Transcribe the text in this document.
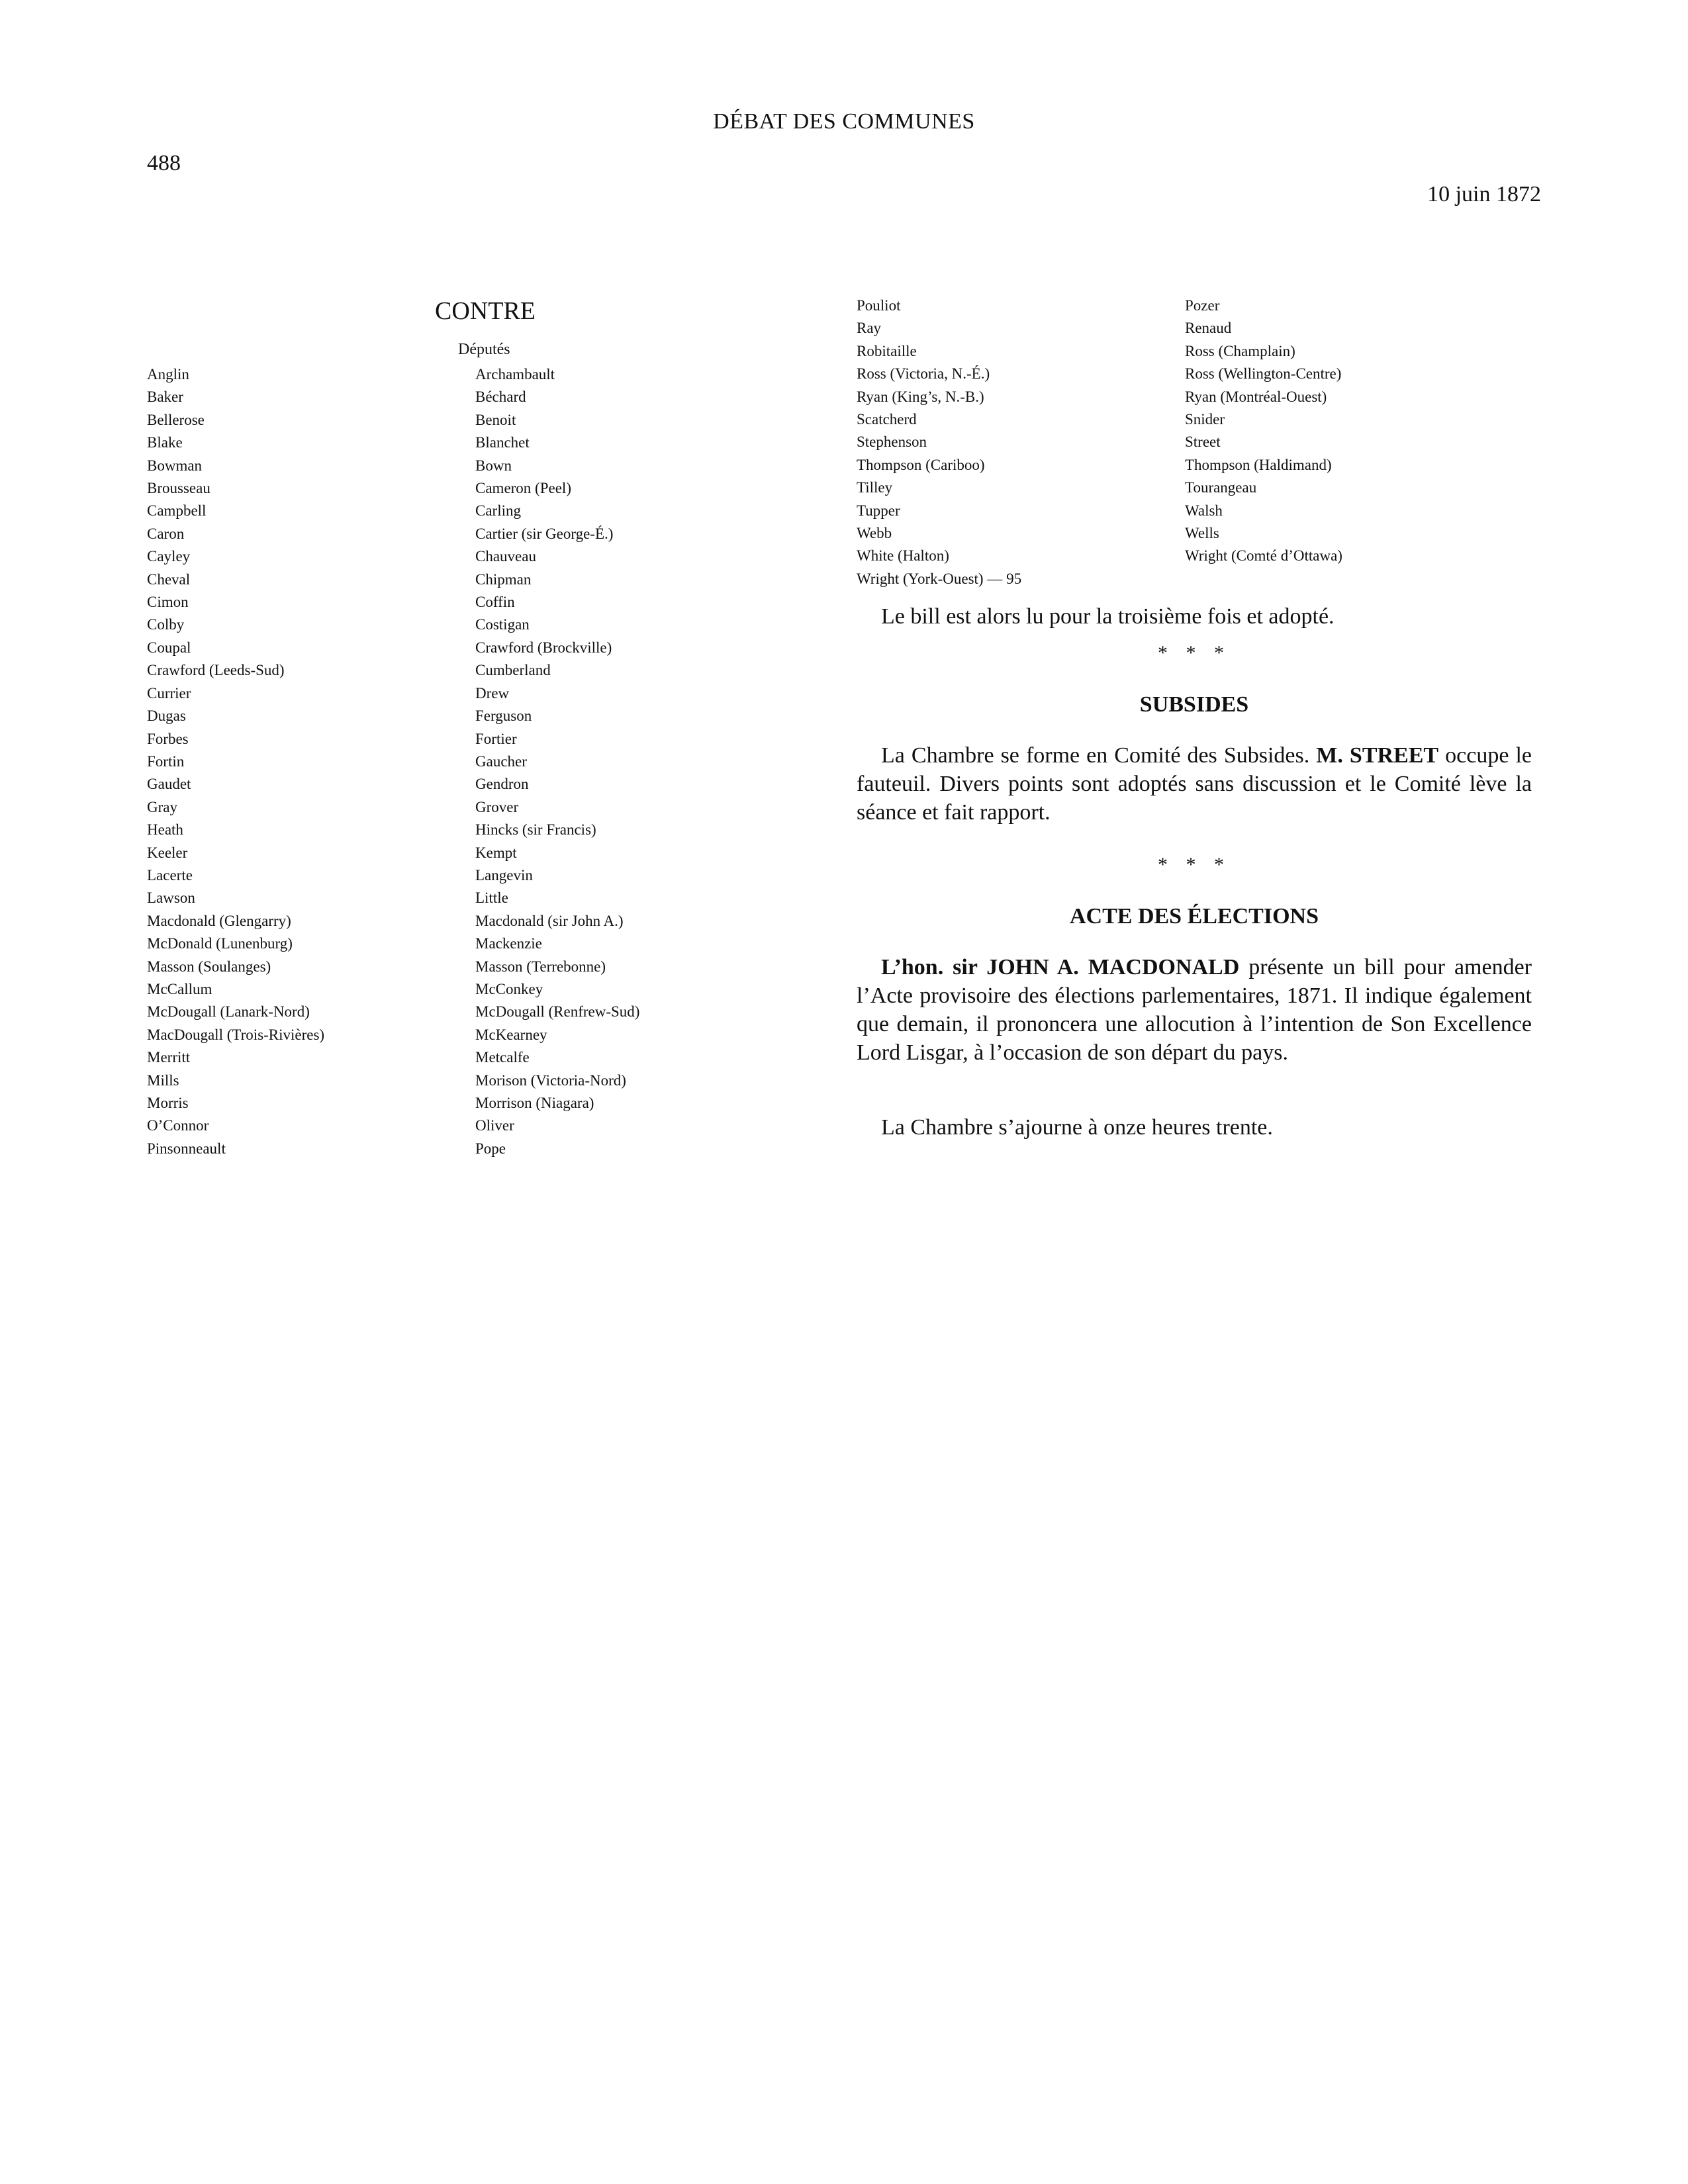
DÉBAT DES COMMUNES
488
10 juin 1872
CONTRE
Députés
Anglin
Baker
Bellerose
Blake
Bowman
Brousseau
Campbell
Caron
Cayley
Cheval
Cimon
Colby
Coupal
Crawford (Leeds-Sud)
Currier
Dugas
Forbes
Fortin
Gaudet
Gray
Heath
Keeler
Lacerte
Lawson
Macdonald (Glengarry)
McDonald (Lunenburg)
Masson (Soulanges)
McCallum
McDougall (Lanark-Nord)
MacDougall (Trois-Rivières)
Merritt
Mills
Morris
O’Connor
Pinsonneault
Archambault
Béchard
Benoit
Blanchet
Bown
Cameron (Peel)
Carling
Cartier (sir George-É.)
Chauveau
Chipman
Coffin
Costigan
Crawford (Brockville)
Cumberland
Drew
Ferguson
Fortier
Gaucher
Gendron
Grover
Hincks (sir Francis)
Kempt
Langevin
Little
Macdonald (sir John A.)
Mackenzie
Masson (Terrebonne)
McConkey
McDougall (Renfrew-Sud)
McKearney
Metcalfe
Morison (Victoria-Nord)
Morrison (Niagara)
Oliver
Pope
Pouliot
Ray
Robitaille
Ross (Victoria, N.-É.)
Ryan (King’s, N.-B.)
Scatcherd
Stephenson
Thompson (Cariboo)
Tilley
Tupper
Webb
White (Halton)
Wright (York-Ouest) — 95
Pozer
Renaud
Ross (Champlain)
Ross (Wellington-Centre)
Ryan (Montréal-Ouest)
Snider
Street
Thompson (Haldimand)
Tourangeau
Walsh
Wells
Wright (Comté d’Ottawa)

Le bill est alors lu pour la troisième fois et adopté.

* * *
SUBSIDES

La Chambre se forme en Comité des Subsides. M. STREET occupe le fauteuil. Divers points sont adoptés sans discussion et le Comité lève la séance et fait rapport.

* * *
ACTE DES ÉLECTIONS

L’hon. sir JOHN A. MACDONALD présente un bill pour amender l’Acte provisoire des élections parlementaires, 1871. Il indique également que demain, il prononcera une allocution à l’intention de Son Excellence Lord Lisgar, à l’occasion de son départ du pays.

La Chambre s’ajourne à onze heures trente.
